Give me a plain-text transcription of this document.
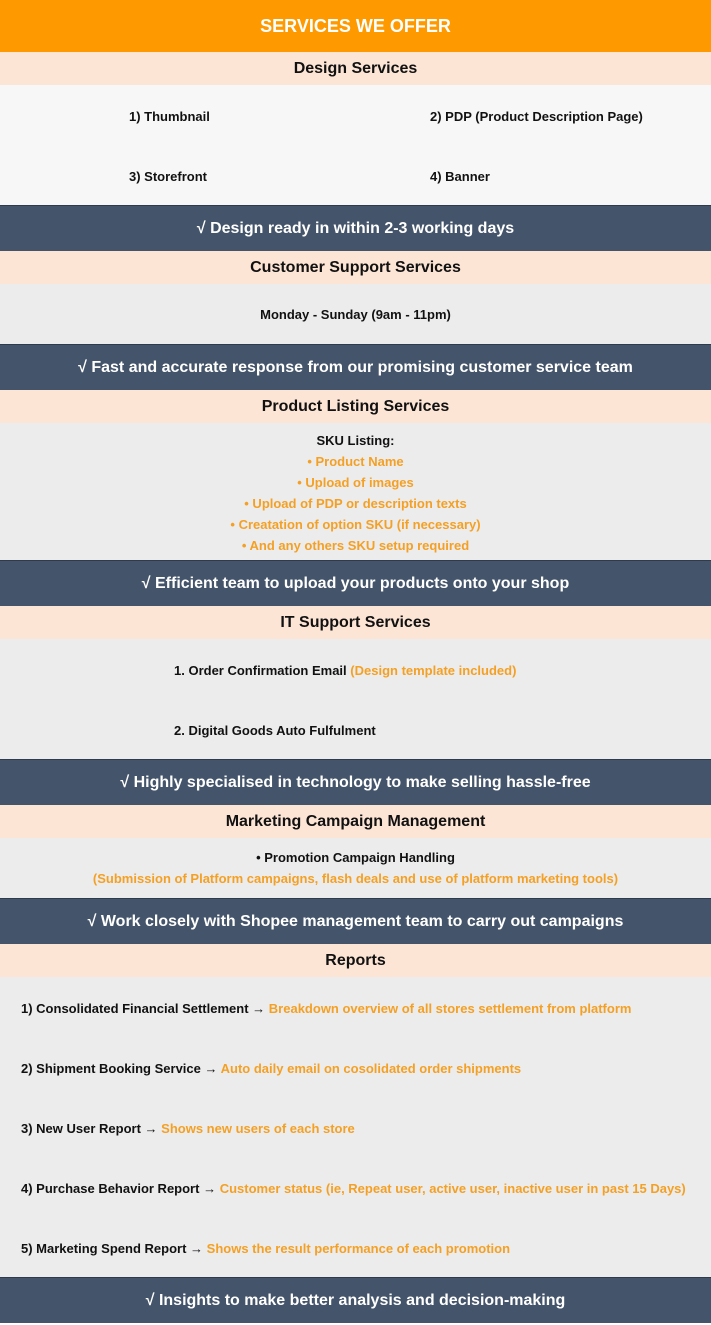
SERVICES WE OFFER
Design Services
1) Thumbnail	2) PDP (Product Description Page)
3) Storefront	4) Banner
√ Design ready in within 2-3 working days
Customer Support Services
Monday - Sunday (9am - 11pm)
√ Fast and accurate response from our promising customer service team
Product Listing Services
SKU Listing:
• Product Name
• Upload of images
• Upload of PDP or description texts
• Creatation of option SKU (if necessary)
• And any others SKU setup required
√ Efficient team to upload your products onto your shop
IT Support Services
1. Order Confirmation Email (Design template included)
2. Digital Goods Auto Fulfulment
√ Highly specialised in technology to make selling hassle-free
Marketing Campaign Management
• Promotion Campaign Handling
(Submission of Platform campaigns, flash deals and use of platform marketing tools)
√ Work closely with Shopee management team to carry out campaigns
Reports
1) Consolidated Financial Settlement → Breakdown overview of all stores settlement from platform
2) Shipment Booking Service → Auto daily email on cosolidated order shipments
3) New User Report → Shows new users of each store
4) Purchase Behavior Report → Customer status (ie, Repeat user, active user, inactive user in past 15 Days)
5) Marketing Spend Report → Shows the result performance of each promotion
√ Insights to make better analysis and decision-making
